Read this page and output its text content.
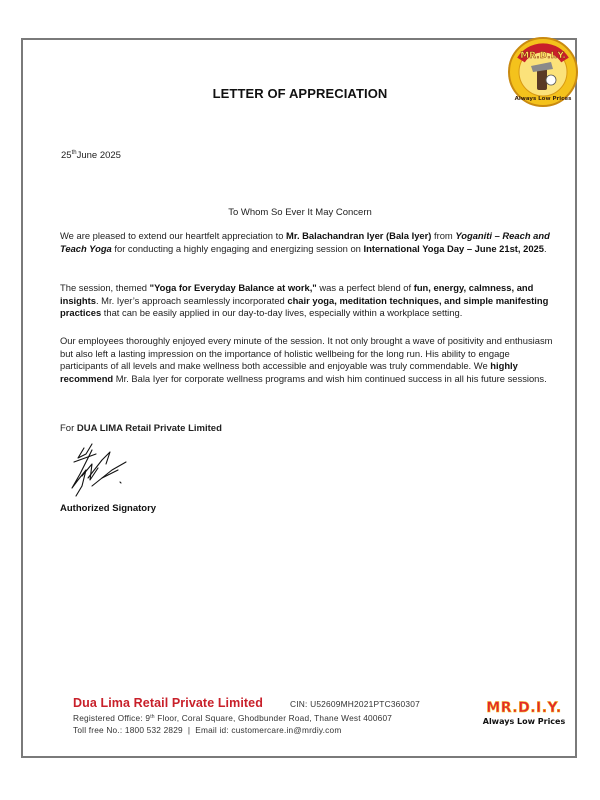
MR.D.I.Y.
Always Low Prices
LETTER OF APPRECIATION
25thJune 2025
To Whom So Ever It May Concern
We are pleased to extend our heartfelt appreciation to Mr. Balachandran Iyer (Bala Iyer) from Yoganiti – Reach and Teach Yoga for conducting a highly engaging and energizing session on International Yoga Day – June 21st, 2025.
The session, themed "Yoga for Everyday Balance at work," was a perfect blend of fun, energy, calmness, and insights. Mr. Iyer’s approach seamlessly incorporated chair yoga, meditation techniques, and simple manifesting practices that can be easily applied in our day-to-day lives, especially within a workplace setting.
Our employees thoroughly enjoyed every minute of the session. It not only brought a wave of positivity and enthusiasm but also left a lasting impression on the importance of holistic wellbeing for the long run. His ability to engage participants of all levels and make wellness both accessible and enjoyable was truly commendable. We highly recommend Mr. Bala Iyer for corporate wellness programs and wish him continued success in all his future sessions.
For DUA LIMA Retail Private Limited
Authorized Signatory
Dua Lima Retail Private Limited	CIN: U52609MH2021PTC360307
Registered Office: 9th Floor, Coral Square, Ghodbunder Road, Thane West 400607
Toll free No.: 1800 532 2829  |  Email id: customercare.in@mrdiy.com
MR.D.I.Y.
Always Low Prices
